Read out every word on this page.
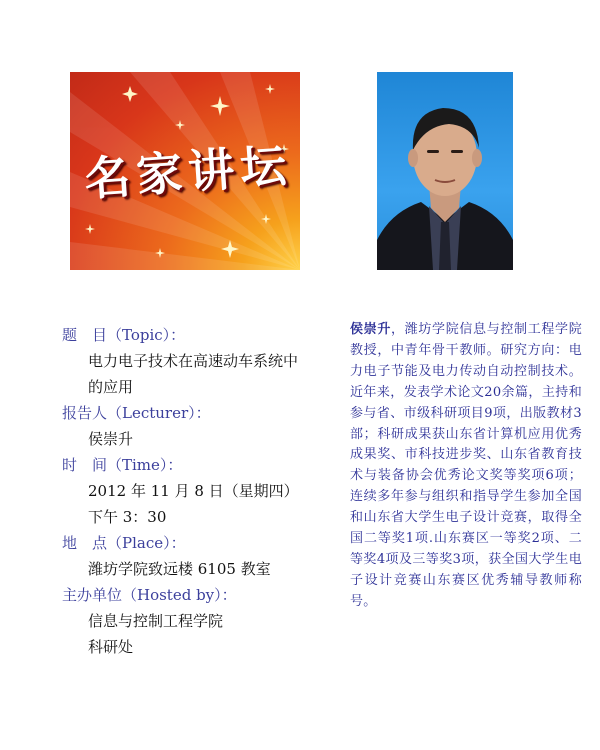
名家讲坛
题　目（Topic）：
电力电子技术在高速动车系统中
的应用
报告人（Lecturer）：
侯崇升
时　间（Time）：
2012 年 11 月 8 日（星期四）
下午 3：30
地　点（Place）：
潍坊学院致远楼 6105 教室
主办单位（Hosted by）：
信息与控制工程学院
科研处
侯崇升，潍坊学院信息与控制工程学院教授，中青年骨干教师。研究方向：电力电子节能及电力传动自动控制技术。近年来，发表学术论文20余篇，主持和参与省、市级科研项目9项，出版教材3部；科研成果获山东省计算机应用优秀成果奖、市科技进步奖、山东省教育技术与装备协会优秀论文奖等奖项6项；连续多年参与组织和指导学生参加全国和山东省大学生电子设计竞赛，取得全国二等奖1项.山东赛区一等奖2项、二等奖4项及三等奖3项，获全国大学生电子设计竞赛山东赛区优秀辅导教师称号。
